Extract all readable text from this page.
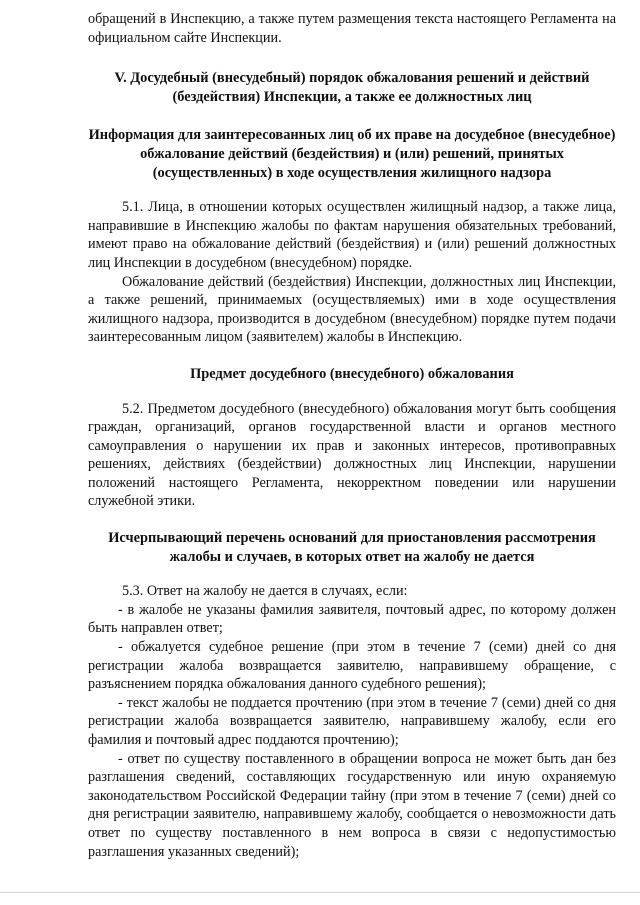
обращений в Инспекцию, а также путем размещения текста настоящего Регламента на официальном сайте Инспекции.

V. Досудебный (внесудебный) порядок обжалования решений и действий (бездействия) Инспекции, а также ее должностных лиц
Информация для заинтересованных лиц об их праве на досудебное (внесудебное) обжалование действий (бездействия) и (или) решений, принятых (осуществленных) в ходе осуществления жилищного надзора

5.1. Лица, в отношении которых осуществлен жилищный надзор, а также лица, направившие в Инспекцию жалобы по фактам нарушения обязательных требований, имеют право на обжалование действий (бездействия) и (или) решений должностных лиц Инспекции в досудебном (внесудебном) порядке.

Обжалование действий (бездействия) Инспекции, должностных лиц Инспекции, а также решений, принимаемых (осуществляемых) ими в ходе осуществления жилищного надзора, производится в досудебном (внесудебном) порядке путем подачи заинтересованным лицом (заявителем) жалобы в Инспекцию.

Предмет досудебного (внесудебного) обжалования

5.2. Предметом досудебного (внесудебного) обжалования могут быть сообщения граждан, организаций, органов государственной власти и органов местного самоуправления о нарушении их прав и законных интересов, противоправных решениях, действиях (бездействии) должностных лиц Инспекции, нарушении положений настоящего Регламента, некорректном поведении или нарушении служебной этики.

Исчерпывающий перечень оснований для приостановления рассмотрения жалобы и случаев, в которых ответ на жалобу не дается

5.3. Ответ на жалобу не дается в случаях, если:

- в жалобе не указаны фамилия заявителя, почтовый адрес, по которому должен быть направлен ответ;

- обжалуется судебное решение (при этом в течение 7 (семи) дней со дня регистрации жалоба возвращается заявителю, направившему обращение, с разъяснением порядка обжалования данного судебного решения);

- текст жалобы не поддается прочтению (при этом в течение 7 (семи) дней со дня регистрации жалоба возвращается заявителю, направившему жалобу, если его фамилия и почтовый адрес поддаются прочтению);

- ответ по существу поставленного в обращении вопроса не может быть дан без разглашения сведений, составляющих государственную или иную охраняемую законодательством Российской Федерации тайну (при этом в течение 7 (семи) дней со дня регистрации заявителю, направившему жалобу, сообщается о невозможности дать ответ по существу поставленного в нем вопроса в связи с недопустимостью разглашения указанных сведений);
